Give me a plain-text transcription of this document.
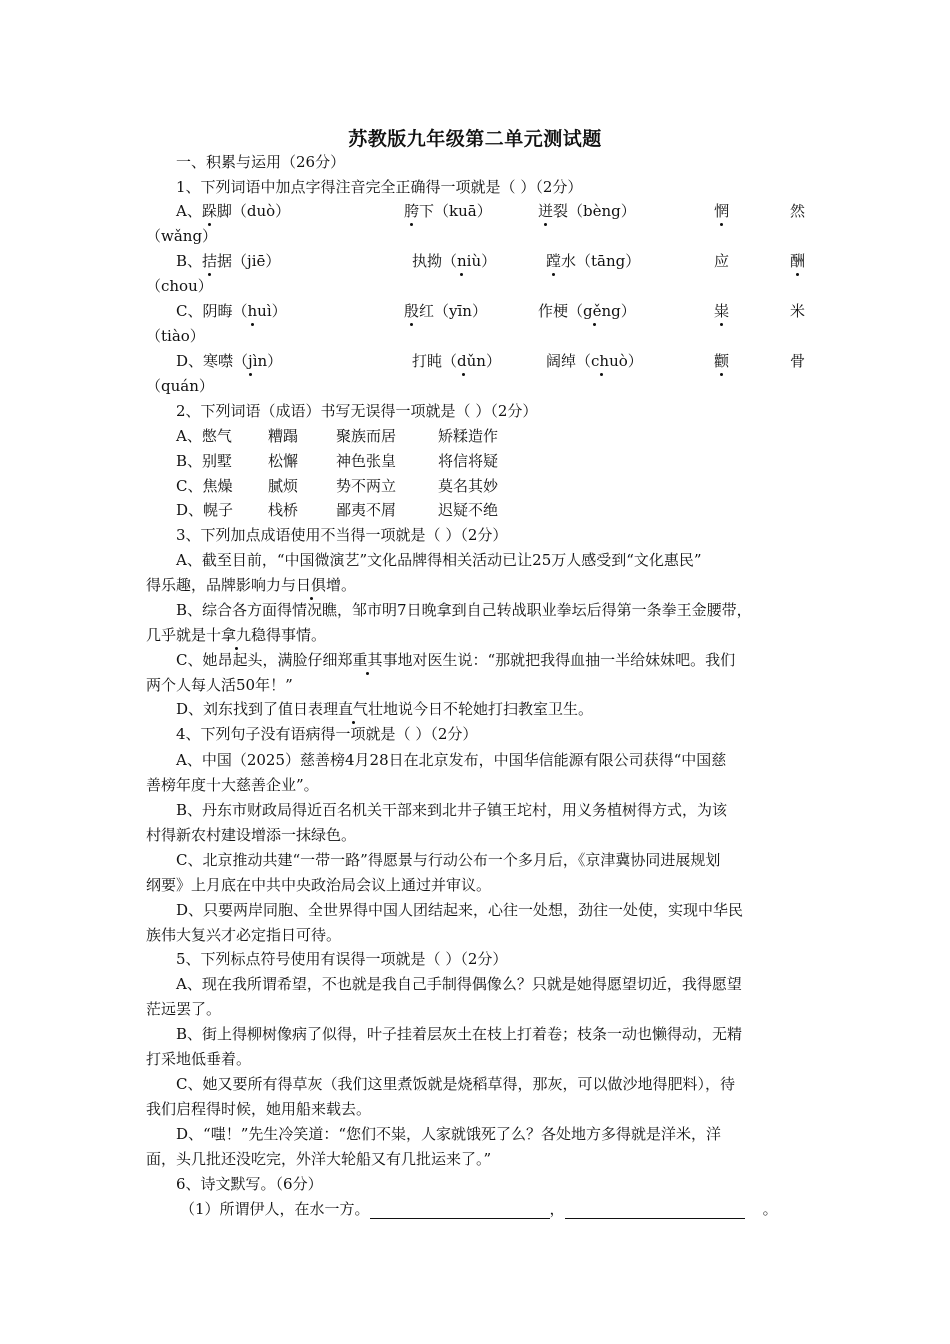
苏教版九年级第二单元测试题
一、积累与运用（26分）
1、下列词语中加点字得注音完全正确得一项就是（ ）（2分）
A、跺脚（duò）	胯下（kuā）	迸裂（bèng）	惘	然
（wǎng）
B、拮据（jiē）	执拗（niù）	蹚水（tāng）	应	酬
（chou）
C、阴晦（huì）	殷红（yīn）	作梗（gěng）	粜	米
（tiào）
D、寒噤（jìn）	打盹（dǔn）	阔绰（chuò）	颧	骨
（quán）
2、下列词语（成语）书写无误得一项就是（ ）（2分）
A、憋气 糟蹋	聚族而居	矫糅造作
B、别墅 松懈	神色张皇	将信将疑
C、焦燥 腻烦	势不两立	莫名其妙
D、幌子 栈桥	鄙夷不屑	迟疑不绝
3、下列加点成语使用不当得一项就是（ ）（2分）
A、截至目前，“中国微演艺”文化品牌得相关活动已让25万人感受到“文化惠民”
得乐趣，品牌影响力与日俱增。
B、综合各方面得情况瞧，邹市明7日晚拿到自己转战职业拳坛后得第一条拳王金腰带，
几乎就是十拿九稳得事情。
C、她昂起头，满脸仔细郑重其事地对医生说：“那就把我得血抽一半给妹妹吧。我们
两个人每人活50年！”
D、刘东找到了值日表理直气壮地说今日不轮她打扫教室卫生。
4、下列句子没有语病得一项就是（ ）（2分）
A、中国（2025）慈善榜4月28日在北京发布，中国华信能源有限公司获得“中国慈
善榜年度十大慈善企业”。
B、丹东市财政局得近百名机关干部来到北井子镇王坨村，用义务植树得方式，为该
村得新农村建设增添一抹绿色。
C、北京推动共建“一带一路”得愿景与行动公布一个多月后，《京津冀协同进展规划
纲要》上月底在中共中央政治局会议上通过并审议。
D、只要两岸同胞、全世界得中国人团结起来，心往一处想，劲往一处使，实现中华民
族伟大复兴才必定指日可待。
5、下列标点符号使用有误得一项就是（ ）（2分）
A、现在我所谓希望，不也就是我自己手制得偶像么？只就是她得愿望切近，我得愿望
茫远罢了。
B、街上得柳树像病了似得，叶子挂着层灰土在枝上打着卷；枝条一动也懒得动，无精
打采地低垂着。
C、她又要所有得草灰（我们这里煮饭就是烧稻草得，那灰，可以做沙地得肥料），待
我们启程得时候，她用船来载去。
D、“嗤！”先生冷笑道：“您们不粜，人家就饿死了么？各处地方多得就是洋米，洋
面，头几批还没吃完，外洋大轮船又有几批运来了。”
6、诗文默写。（6分）
（1）所谓伊人，在水一方。	，	。
